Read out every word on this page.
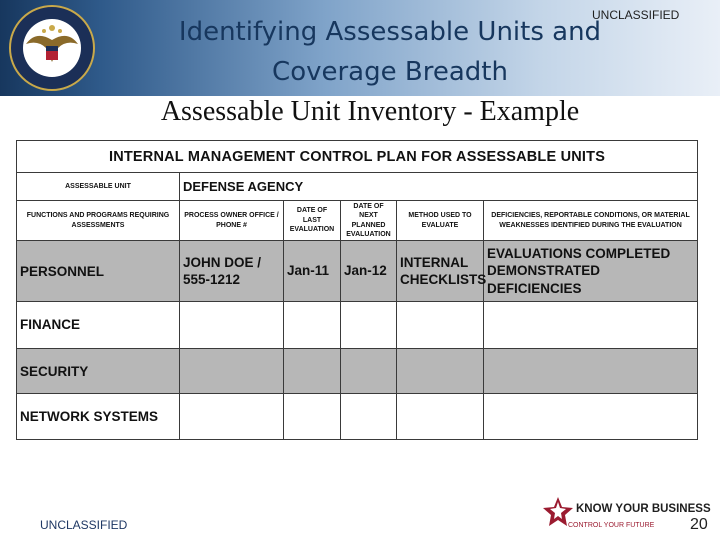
UNCLASSIFIED
Identifying Assessable Units and
Coverage Breadth
Assessable Unit Inventory - Example
INTERNAL MANAGEMENT CONTROL PLAN FOR ASSESSABLE UNITS					
ASSESSABLE UNIT	DEFENSE AGENCY				
FUNCTIONS AND PROGRAMS REQUIRING ASSESSMENTS	PROCESS OWNER OFFICE / PHONE #	DATE OF LAST EVALUATION	DATE OF NEXT PLANNED EVALUATION	METHOD USED TO EVALUATE	DEFICIENCIES, REPORTABLE CONDITIONS, OR MATERIAL WEAKNESSES IDENTIFIED DURING THE EVALUATION
PERSONNEL	JOHN DOE / 555-1212	Jan-11	Jan-12	INTERNAL CHECKLISTS	EVALUATIONS COMPLETED DEMONSTRATED DEFICIENCIES
FINANCE					
SECURITY					
NETWORK SYSTEMS					
UNCLASSIFIED
KNOW YOUR BUSINESS
CONTROL YOUR FUTURE 20
